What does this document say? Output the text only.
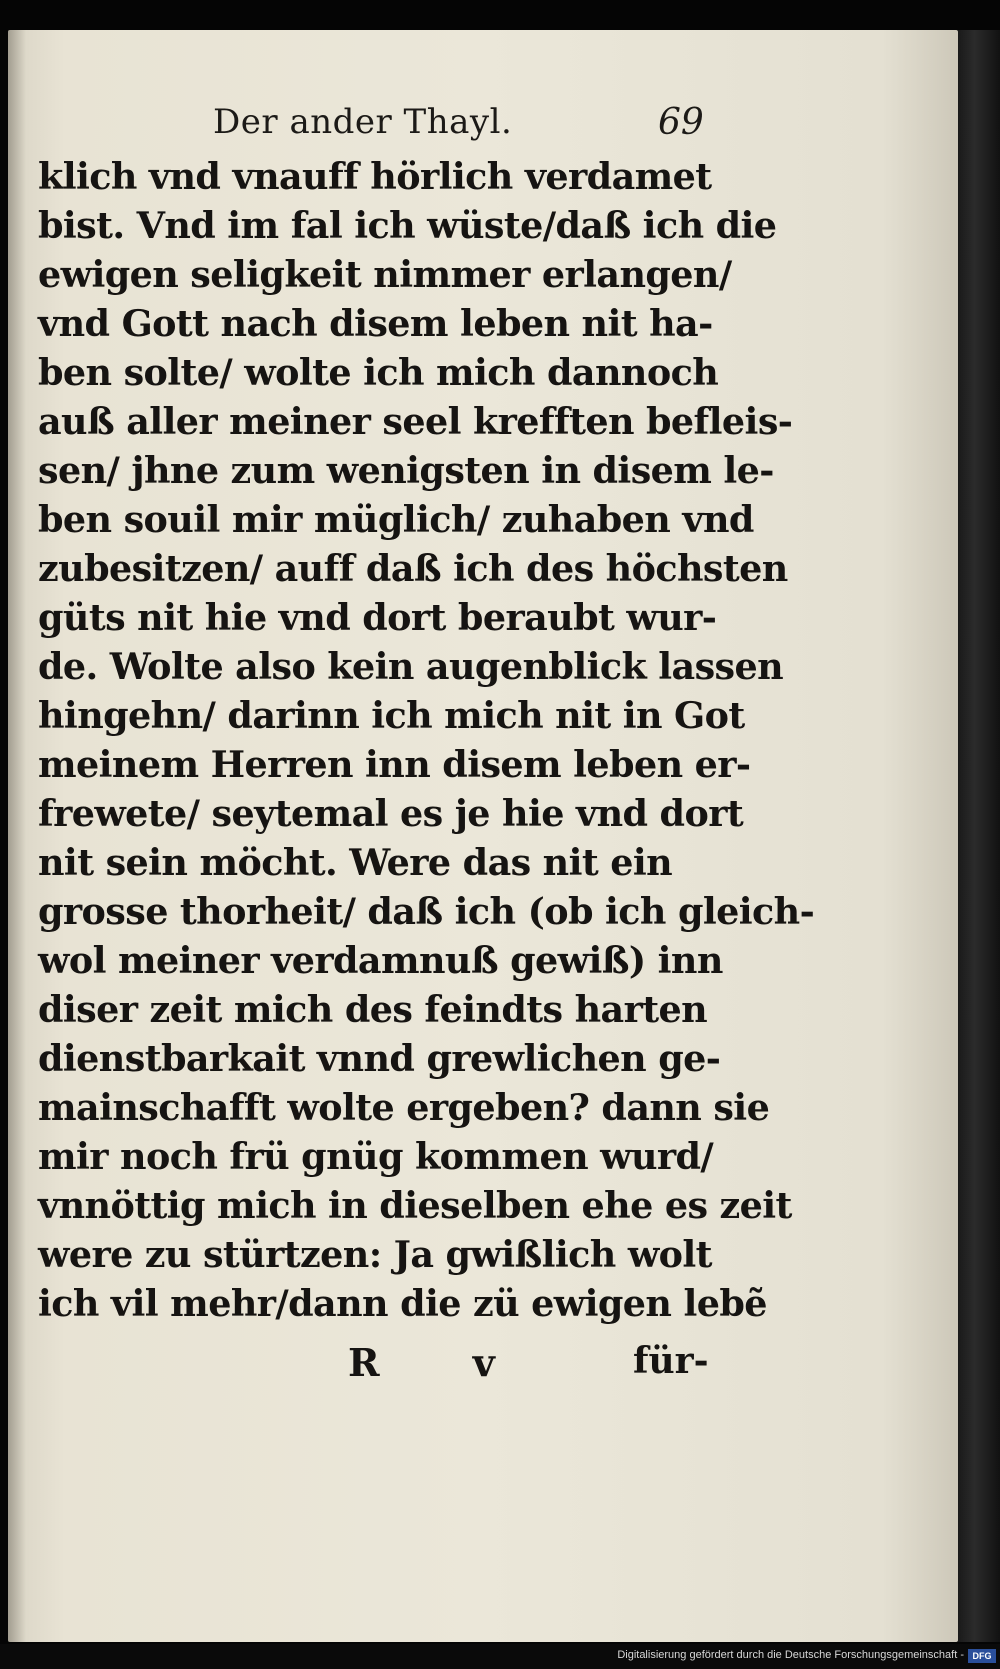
Der ander Thayl.	69
klich vnd vnauff hörlich verdamet
bist. Vnd im fal ich wüste/daß ich die
ewigen seligkeit nimmer erlangen/
vnd Gott nach disem leben nit ha-
ben solte/ wolte ich mich dannoch
auß aller meiner seel krefften befleis-
sen/ jhne zum wenigsten in disem le-
ben souil mir müglich/ zuhaben vnd
zubesitzen/ auff daß ich des höchsten
güts nit hie vnd dort beraubt wur-
de. Wolte also kein augenblick lassen
hingehn/ darinn ich mich nit in Got
meinem Herren inn disem leben er-
frewete/ seytemal es je hie vnd dort
nit sein möcht. Were das nit ein
grosse thorheit/ daß ich (ob ich gleich-
wol meiner verdamnuß gewiß) inn
diser zeit mich des feindts harten
dienstbarkait vnnd grewlichen ge-
mainschafft wolte ergeben? dann sie
mir noch frü gnüg kommen wurd/
vnnöttig mich in dieselben ehe es zeit
were zu stürtzen: Ja gwißlich wolt
ich vil mehr/dann die zü ewigen lebẽ
R v	für-
Digitalisierung gefördert durch die Deutsche Forschungsgemeinschaft - DFG
